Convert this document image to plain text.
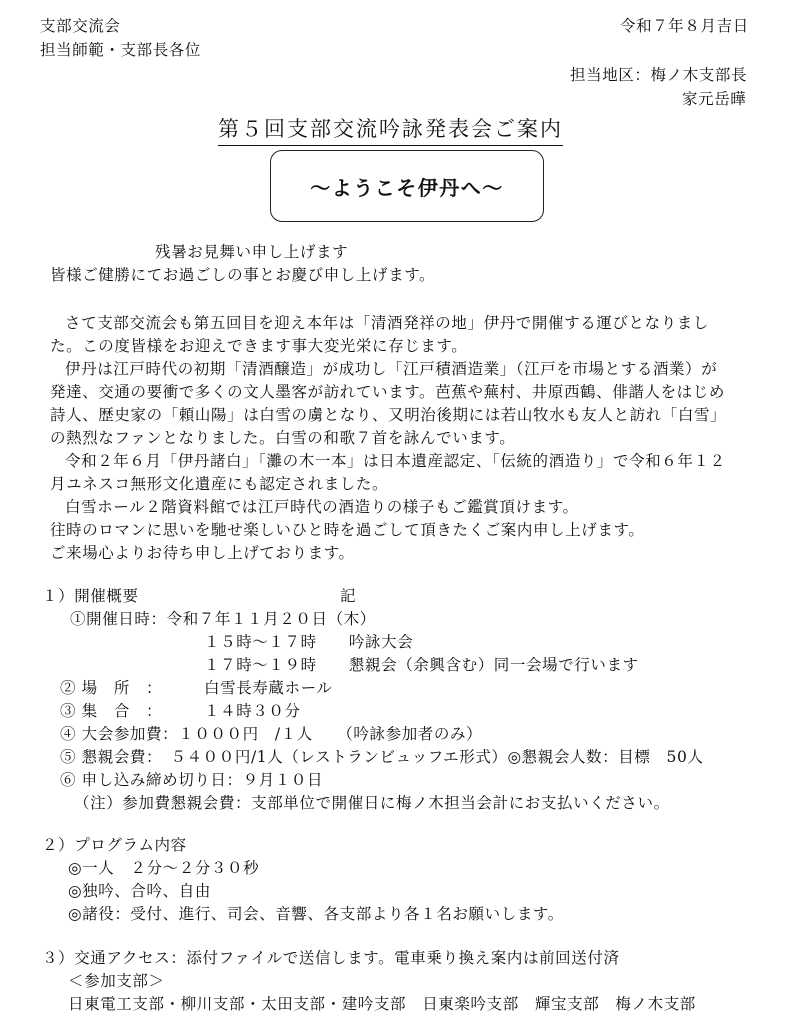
支部交流会
担当師範・支部長各位
令和７年８月吉日
担当地区：梅ノ木支部長
家元岳曄
第５回支部交流吟詠発表会ご案内
～ようこそ伊丹へ～
残暑お見舞い申し上げます
皆様ご健勝にてお過ごしの事とお慶び申し上げます。
さて支部交流会も第五回目を迎え本年は「清酒発祥の地」伊丹で開催する運びとなりまし
た。この度皆様をお迎えできます事大変光栄に存じます。
伊丹は江戸時代の初期「清酒醸造」が成功し「江戸積酒造業」（江戸を市場とする酒業）が
発達、交通の要衝で多くの文人墨客が訪れています。芭蕉や蕪村、井原西鶴、俳諧人をはじめ
詩人、歴史家の「頼山陽」は白雪の虜となり、又明治後期には若山牧水も友人と訪れ「白雪」
の熱烈なファンとなりました。白雪の和歌７首を詠んでいます。
令和２年６月「伊丹諸白」「灘の木一本」は日本遺産認定、「伝統的酒造り」で令和６年１２
月ユネスコ無形文化遺産にも認定されました。
白雪ホール２階資料館では江戸時代の酒造りの様子もご鑑賞頂けます。
往時のロマンに思いを馳せ楽しいひと時を過ごして頂きたくご案内申し上げます。
ご来場心よりお待ち申し上げております。
１）開催概要	記
①開催日時：令和７年１１月２０日（木）
１５時～１７時　　吟詠大会
１７時～１９時　　懇親会（余興含む）同一会場で行います
② 場　所　：	白雪長寿蔵ホール
③ 集　合　：	１４時３０分
④ 大会参加費：１０００円　/１人　　（吟詠参加者のみ）
⑤ 懇親会費：　５４００円/1人（レストランビュッフエ形式）◎懇親会人数：目標　50人
⑥ 申し込み締め切り日：９月１０日
（注）参加費懇親会費：支部単位で開催日に梅ノ木担当会計にお支払いください。
２）プログラム内容
◎一人　２分～２分３０秒
◎独吟、合吟、自由
◎諸役：受付、進行、司会、音響、各支部より各１名お願いします。
３）交通アクセス：添付ファイルで送信します。電車乗り換え案内は前回送付済
＜参加支部＞
日東電工支部・柳川支部・太田支部・建吟支部　日東楽吟支部　輝宝支部　梅ノ木支部
